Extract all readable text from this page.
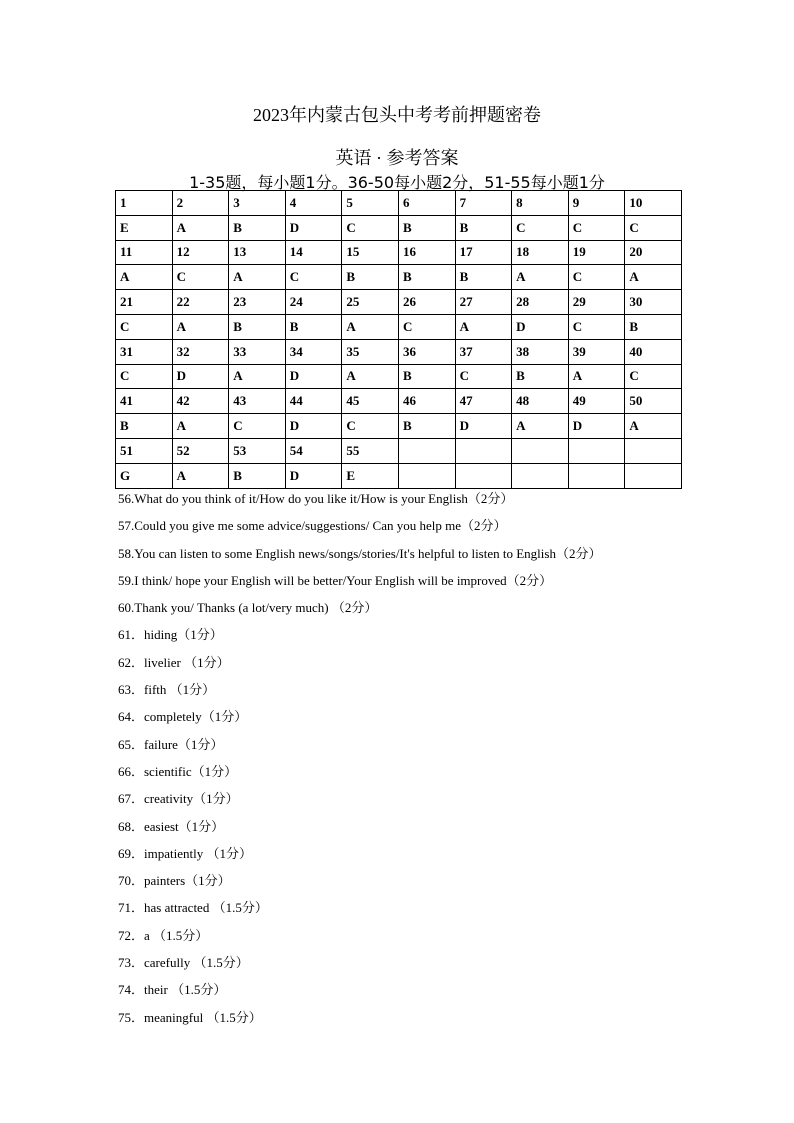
2023年内蒙古包头中考考前押题密卷
英语 · 参考答案
1-35题，每小题1分。36-50每小题2分，51-55每小题1分
1	2	3	4	5	6	7	8	9	10
E	A	B	D	C	B	B	C	C	C
11	12	13	14	15	16	17	18	19	20
A	C	A	C	B	B	B	A	C	A
21	22	23	24	25	26	27	28	29	30
C	A	B	B	A	C	A	D	C	B
31	32	33	34	35	36	37	38	39	40
C	D	A	D	A	B	C	B	A	C
41	42	43	44	45	46	47	48	49	50
B	A	C	D	C	B	D	A	D	A
51	52	53	54	55					
G	A	B	D	E					
56.What do you think of it/How do you like it/How is your English（2分）
57.Could you give me some advice/suggestions/ Can you help me（2分）
58.You can listen to some English news/songs/stories/It's helpful to listen to English（2分）
59.I think/ hope your English will be better/Your English will be improved（2分）
60.Thank you/ Thanks (a lot/very much) （2分）
61．hiding（1分）
62．livelier （1分）
63．fifth （1分）
64．completely（1分）
65．failure（1分）
66．scientific（1分）
67．creativity（1分）
68．easiest（1分）
69．impatiently （1分）
70．painters（1分）
71．has attracted （1.5分）
72．a （1.5分）
73．carefully （1.5分）
74．their （1.5分）
75．meaningful （1.5分）
